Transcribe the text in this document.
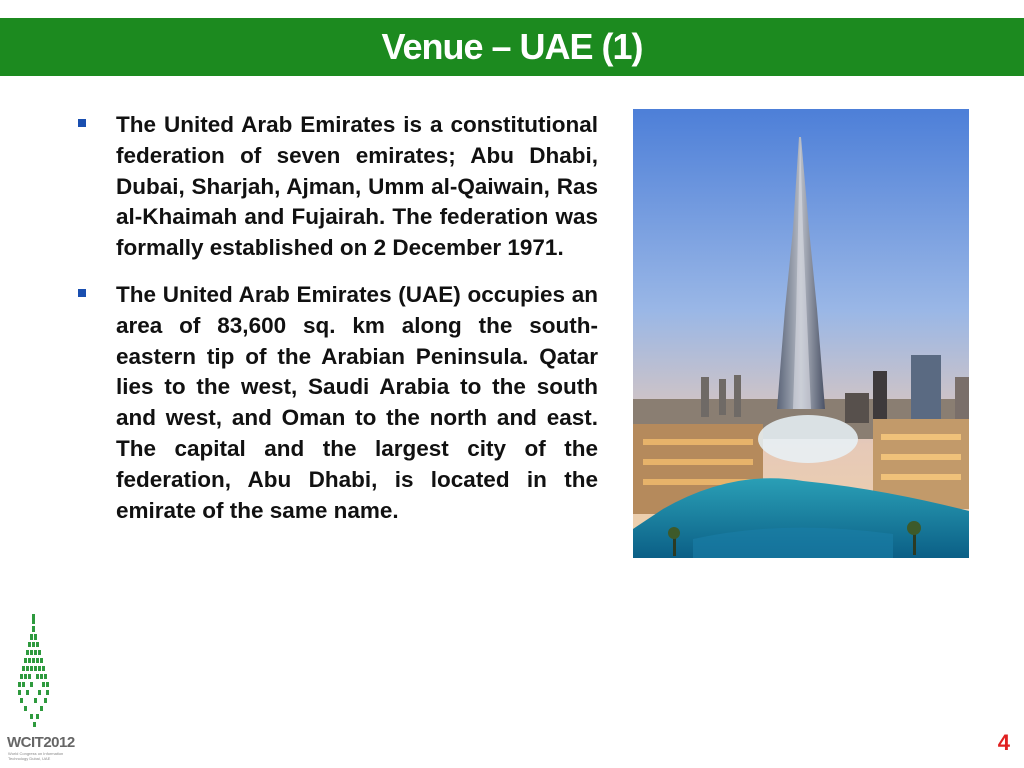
Venue – UAE (1)
The United Arab Emirates is a constitutional federation of seven emirates; Abu Dhabi, Dubai, Sharjah, Ajman, Umm al-Qaiwain, Ras al-Khaimah and Fujairah. The federation was formally established on 2 December 1971.
The United Arab Emirates (UAE) occupies an area of 83,600 sq. km along the south-eastern tip of the Arabian Peninsula. Qatar lies to the west, Saudi Arabia to the south and west, and Oman to the north and east. The capital and the largest city of the federation, Abu Dhabi, is located in the emirate of the same name.
WCIT2012
World Congress on Information Technology Dubai, UAE
4
